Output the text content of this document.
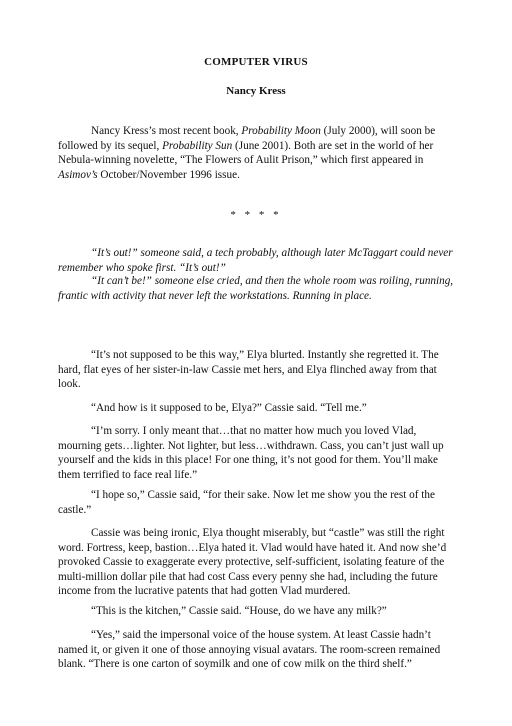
COMPUTER VIRUS
Nancy Kress

Nancy Kress’s most recent book, Probability Moon (July 2000), will soon be followed by its sequel, Probability Sun (June 2001). Both are set in the world of her Nebula-winning novelette, “The Flowers of Aulit Prison,” which first appeared in Asimov’s October/November 1996 issue.

* * * *

“It’s out!” someone said, a tech probably, although later McTaggart could never remember who spoke first. “It’s out!”

“It can’t be!” someone else cried, and then the whole room was roiling, running, frantic with activity that never left the workstations. Running in place.

“It’s not supposed to be this way,” Elya blurted. Instantly she regretted it. The hard, flat eyes of her sister-in-law Cassie met hers, and Elya flinched away from that look.

“And how is it supposed to be, Elya?” Cassie said. “Tell me.”

“I’m sorry. I only meant that…that no matter how much you loved Vlad, mourning gets…lighter. Not lighter, but less…withdrawn. Cass, you can’t just wall up yourself and the kids in this place! For one thing, it’s not good for them. You’ll make them terrified to face real life.”

“I hope so,” Cassie said, “for their sake. Now let me show you the rest of the castle.”

Cassie was being ironic, Elya thought miserably, but “castle” was still the right word. Fortress, keep, bastion…Elya hated it. Vlad would have hated it. And now she’d provoked Cassie to exaggerate every protective, self-sufficient, isolating feature of the multi-million dollar pile that had cost Cass every penny she had, including the future income from the lucrative patents that had gotten Vlad murdered.

“This is the kitchen,” Cassie said. “House, do we have any milk?”

“Yes,” said the impersonal voice of the house system. At least Cassie hadn’t named it, or given it one of those annoying visual avatars. The room-screen remained blank. “There is one carton of soymilk and one of cow milk on the third shelf.”
